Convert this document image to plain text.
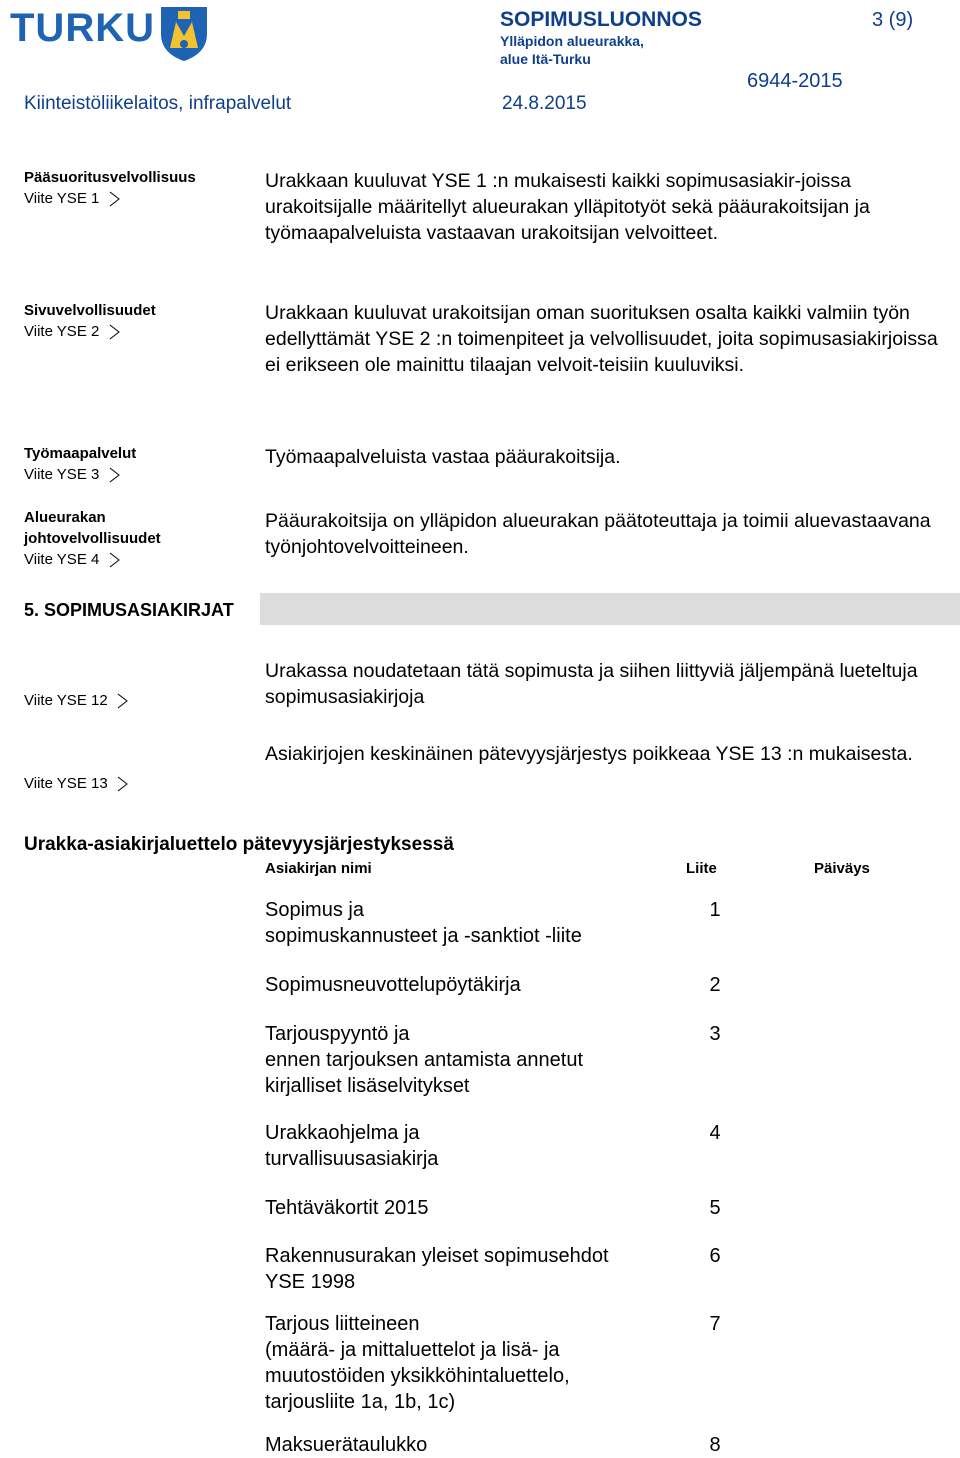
TURKU	SOPIMUSLUONNOS
Ylläpidon alueurakka,
alue Itä-Turku
3 (9)
6944-2015
Kiinteistöliikelaitos, infrapalvelut	24.8.2015
Pääsuoritusvelvollisuus
Viite YSE 1
Urakkaan kuuluvat YSE 1 :n mukaisesti kaikki sopimusasiakir-joissa urakoitsijalle määritellyt alueurakan ylläpitotyöt sekä pääurakoitsijan ja työmaapalveluista vastaavan urakoitsijan velvoitteet.
Sivuvelvollisuudet
Viite YSE 2
Urakkaan kuuluvat urakoitsijan oman suorituksen osalta kaikki valmiin työn edellyttämät YSE 2 :n toimenpiteet ja velvollisuudet, joita sopimusasiakirjoissa ei erikseen ole mainittu tilaajan velvoit-teisiin kuuluviksi.
Työmaapalvelut
Viite YSE 3
Työmaapalveluista vastaa pääurakoitsija.
Alueurakan
johtovelvollisuudet
Viite YSE 4
Pääurakoitsija on ylläpidon alueurakan päätoteuttaja ja toimii aluevastaavana työnjohtovelvoitteineen.
5. SOPIMUSASIAKIRJAT
Viite YSE 12
Urakassa noudatetaan tätä sopimusta ja siihen liittyviä jäljempänä lueteltuja sopimusasiakirjoja
Viite YSE 13
Asiakirjojen keskinäinen pätevyysjärjestys poikkeaa YSE 13 :n mukaisesta.
Urakka-asiakirjaluettelo pätevyysjärjestyksessä
Asiakirjan nimi	Liite	Päiväys
Sopimus ja
sopimuskannusteet ja -sanktiot -liite
1
Sopimusneuvottelupöytäkirja	2
Tarjouspyyntö ja
ennen tarjouksen antamista annetut
kirjalliset lisäselvitykset
3
Urakkaohjelma ja
turvallisuusasiakirja
4
Tehtäväkortit 2015	5
Rakennusurakan yleiset sopimusehdot
YSE 1998
6
Tarjous liitteineen
(määrä- ja mittaluettelot ja lisä- ja
muutostöiden yksikköhintaluettelo,
tarjousliite 1a, 1b, 1c)
7
Maksuerätaulukko	8
